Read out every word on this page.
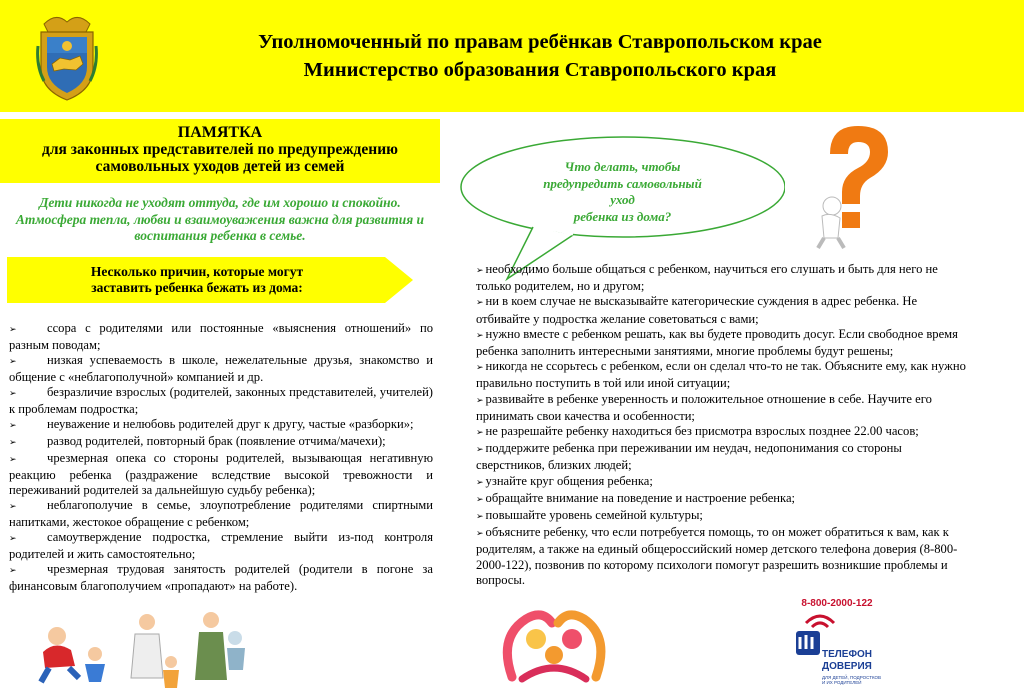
Уполномоченный по правам ребёнкав Ставропольском крае
Министерство образования Ставропольского края
ПАМЯТКА
для законных представителей по предупреждению
самовольных уходов детей из семей
Дети никогда не уходят оттуда, где им хорошо и спокойно.
Атмосфера тепла, любви и взаимоуважения важна для развития и
воспитания ребенка в семье.
Несколько причин, которые могут
заставить ребенка бежать из дома:
➢ ссора с родителями или постоянные «выяснения отношений» по разным поводам;
➢ низкая успеваемость в школе, нежелательные друзья, знакомство и общение с «неблагополучной» компанией и др.
➢ безразличие взрослых (родителей, законных представителей, учителей) к проблемам подростка;
➢ неуважение и нелюбовь родителей друг к другу, частые «разборки»;
➢ развод родителей, повторный брак (появление отчима/мачехи);
➢ чрезмерная опека со стороны родителей, вызывающая негативную реакцию ребенка (раздражение вследствие высокой тревожности и переживаний родителей за дальнейшую судьбу ребенка);
➢ неблагополучие в семье, злоупотребление родителями спиртными напитками, жестокое обращение с ребенком;
➢ самоутверждение подростка, стремление выйти из-под контроля родителей и жить самостоятельно;
➢ чрезмерная трудовая занятость родителей (родители в погоне за финансовым благополучием «пропадают» на работе).
Что делать, чтобы
предупредить самовольный уход
ребенка из дома?
➢ необходимо больше общаться с ребенком, научиться его слушать и быть для него не только родителем, но и другом;
➢ ни в коем случае не высказывайте категорические суждения в адрес ребенка. Не отбивайте у подростка желание советоваться с вами;
➢ нужно вместе с ребенком решать, как вы будете проводить досуг. Если свободное время ребенка заполнить интересными занятиями, многие проблемы будут решены;
➢ никогда не ссорьтесь с ребенком, если он сделал что-то не так. Объясните ему, как нужно правильно поступить в той или иной ситуации;
➢ развивайте в ребенке уверенность и положительное отношение в себе. Научите его принимать свои качества и особенности;
➢ не разрешайте ребенку находиться без присмотра взрослых позднее 22.00 часов;
➢ поддержите ребенка при переживании им неудач, недопонимания со стороны сверстников, близких людей;
➢ узнайте круг общения ребенка;
➢ обращайте внимание на поведение и настроение ребенка;
➢ повышайте уровень семейной культуры;
➢ объясните ребенку, что если потребуется помощь, то он может обратиться к вам, как к родителям, а также на единый общероссийский номер детского телефона доверия (8-800-2000-122), позвонив по которому психологи помогут разрешить возникшие проблемы и вопросы.
8-800-2000-122
ТЕЛЕФОН
ДОВЕРИЯ
ДЛЯ ДЕТЕЙ, ПОДРОСТКОВ И ИХ РОДИТЕЛЕЙ
